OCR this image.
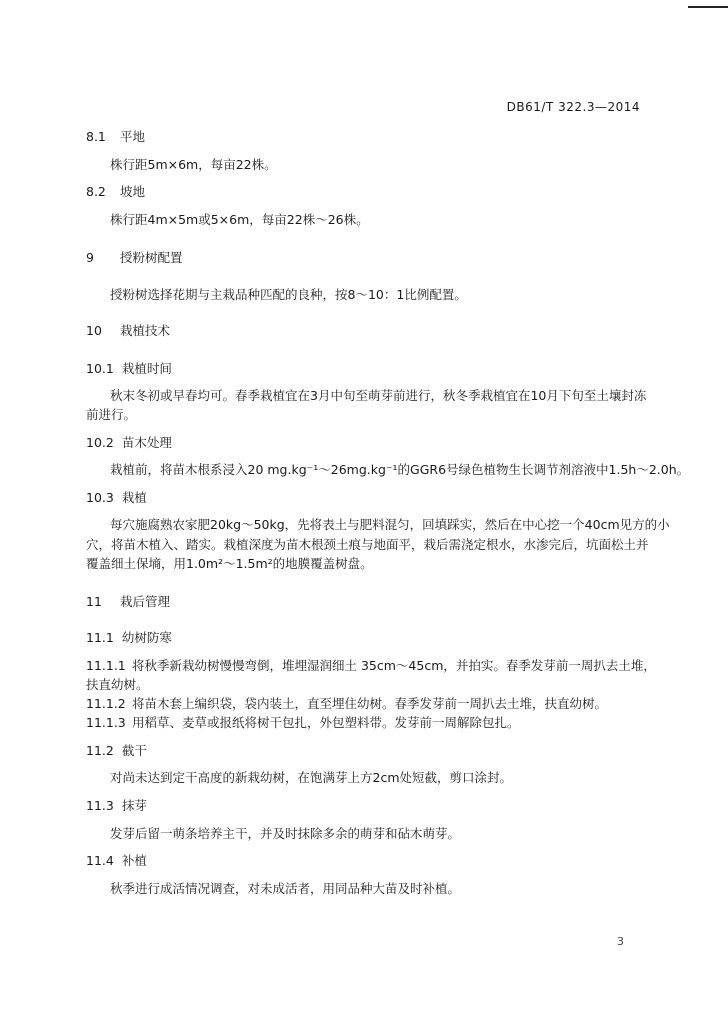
DB61/T 322.3—2014
8.1 平地
株行距5m×6m，每亩22株。
8.2 坡地
株行距4m×5m或5×6m，每亩22株～26株。
9 授粉树配置
授粉树选择花期与主栽品种匹配的良种，按8～10：1比例配置。
10 栽植技术
10.1 栽植时间
秋末冬初或早春均可。春季栽植宜在3月中旬至萌芽前进行，秋冬季栽植宜在10月下旬至土壤封冻
前进行。
10.2 苗木处理
栽植前，将苗木根系浸入20 mg.kg⁻¹～26mg.kg⁻¹的GGR6号绿色植物生长调节剂溶液中1.5h～2.0h。
10.3 栽植
每穴施腐熟农家肥20kg～50kg，先将表土与肥料混匀，回填踩实，然后在中心挖一个40cm见方的小
穴，将苗木植入、踏实。栽植深度为苗木根颈土痕与地面平，栽后需浇定根水，水渗完后，坑面松土并
覆盖细土保墒，用1.0m²～1.5m²的地膜覆盖树盘。
11 栽后管理
11.1 幼树防寒
11.1.1 将秋季新栽幼树慢慢弯倒，堆埋湿润细土 35cm～45cm，并拍实。春季发芽前一周扒去土堆，
扶直幼树。
11.1.2 将苗木套上编织袋，袋内装土，直至埋住幼树。春季发芽前一周扒去土堆，扶直幼树。
11.1.3 用稻草、麦草或报纸将树干包扎，外包塑料带。发芽前一周解除包扎。
11.2 截干
对尚未达到定干高度的新栽幼树，在饱满芽上方2cm处短截，剪口涂封。
11.3 抹芽
发芽后留一萌条培养主干，并及时抹除多余的萌芽和砧木萌芽。
11.4 补植
秋季进行成活情况调查，对未成活者，用同品种大苗及时补植。
3
